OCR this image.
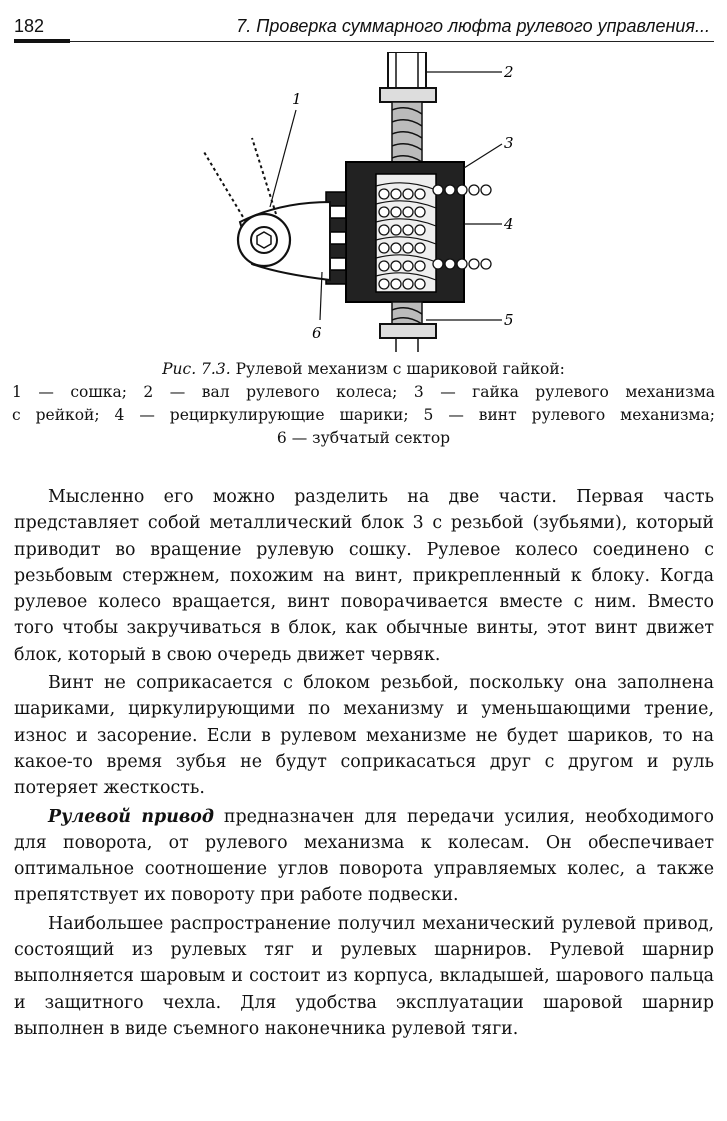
182	7. Проверка суммарного люфта рулевого управления...
1
2
3
4
5
6
Рис. 7.3. Рулевой механизм с шариковой гайкой:
1 — сошка; 2 — вал рулевого колеса; 3 — гайка рулевого механизма
с рейкой; 4 — рециркулирующие шарики; 5 — винт рулевого механизма;
6 — зубчатый сектор

Мысленно его можно разделить на две части. Первая часть представляет собой металлический блок 3 с резьбой (зубьями), который приводит во вращение рулевую сошку. Рулевое колесо соединено с резьбовым стержнем, похожим на винт, прикрепленный к блоку. Когда рулевое колесо вращается, винт поворачивается вместе с ним. Вместо того чтобы закручиваться в блок, как обычные винты, этот винт движет блок, который в свою очередь движет червяк.

Винт не соприкасается с блоком резьбой, поскольку она заполнена шариками, циркулирующими по механизму и уменьшающими трение, износ и засорение. Если в рулевом механизме не будет шариков, то на какое-то время зубья не будут соприкасаться друг с другом и руль потеряет жесткость.

Рулевой привод предназначен для передачи усилия, необходимого для поворота, от рулевого механизма к колесам. Он обеспечивает оптимальное соотношение углов поворота управляемых колес, а также препятствует их повороту при работе подвески.

Наибольшее распространение получил механический рулевой привод, состоящий из рулевых тяг и рулевых шарниров. Рулевой шарнир выполняется шаровым и состоит из корпуса, вкладышей, шарового пальца и защитного чехла. Для удобства эксплуатации шаровой шарнир выполнен в виде съемного наконечника рулевой тяги.
